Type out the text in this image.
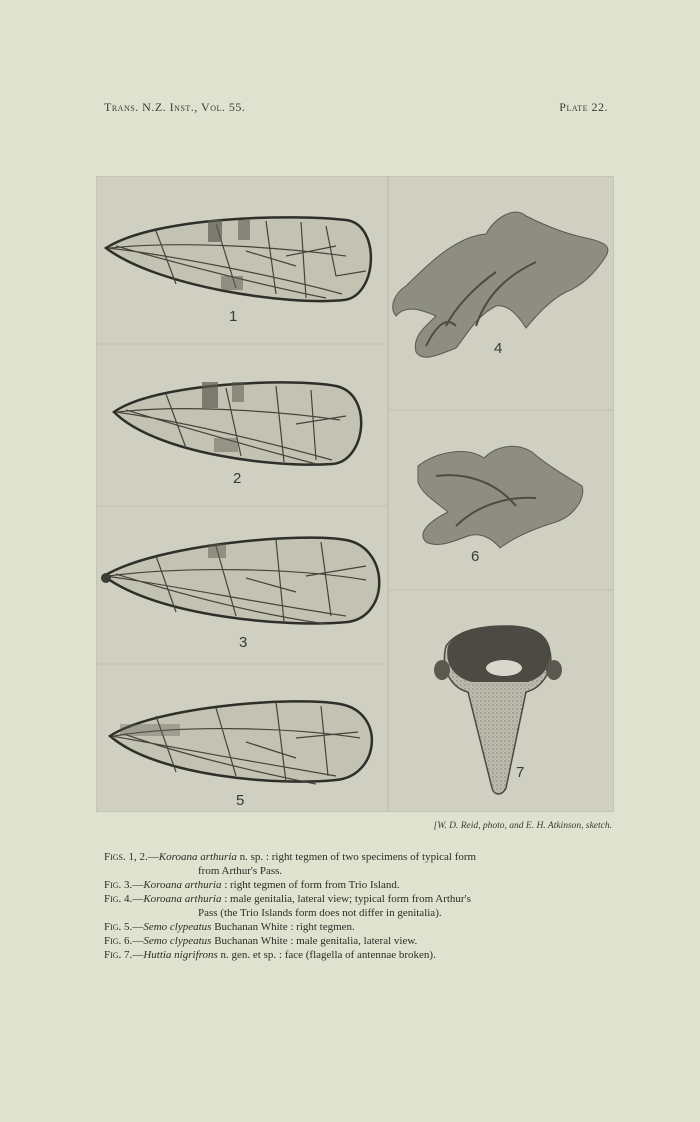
Trans. N.Z. Inst., Vol. 55.	Plate 22.
1
2
3
4
5
6
7
[W. D. Reid, photo, and E. H. Atkinson, sketch.
Figs. 1, 2.—Koroana arthuria n. sp. : right tegmen of two specimens of typical form
from Arthur's Pass.
Fig. 3.—Koroana arthuria : right tegmen of form from Trio Island.
Fig. 4.—Koroana arthuria : male genitalia, lateral view; typical form from Arthur's
Pass (the Trio Islands form does not differ in genitalia).
Fig. 5.—Semo clypeatus Buchanan White : right tegmen.
Fig. 6.—Semo clypeatus Buchanan White : male genitalia, lateral view.
Fig. 7.—Huttia nigrifrons n. gen. et sp. : face (flagella of antennae broken).
